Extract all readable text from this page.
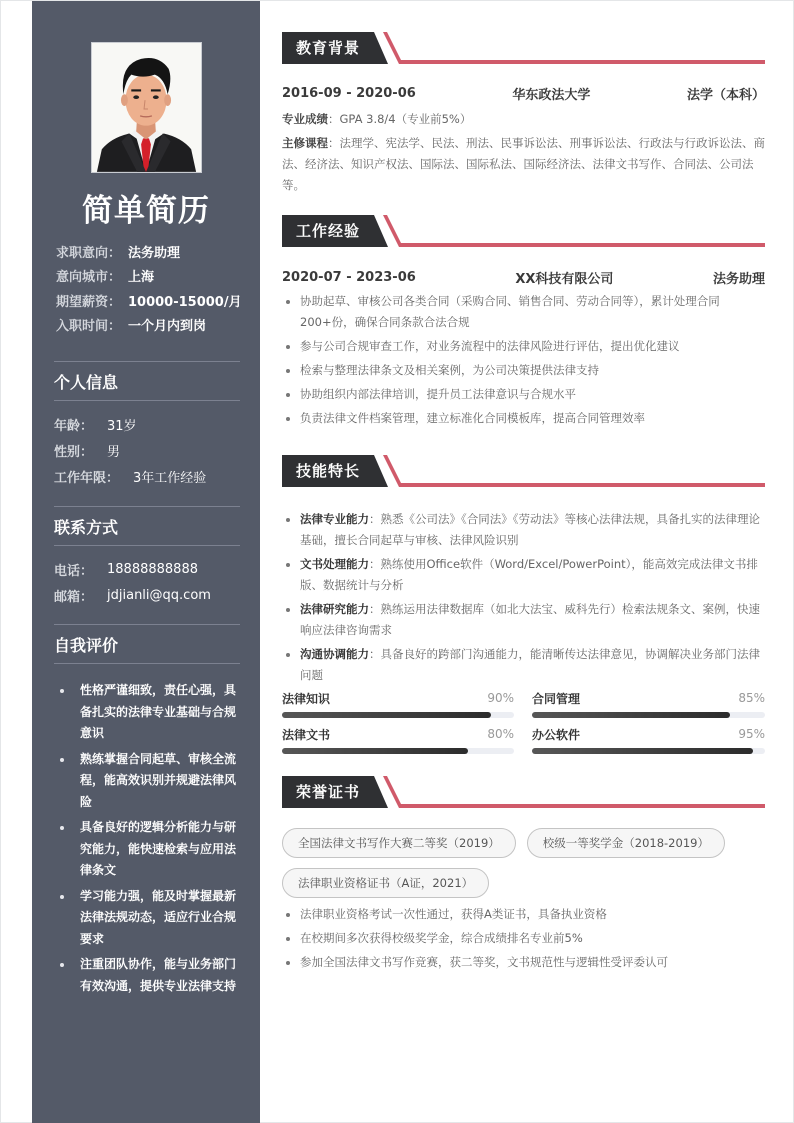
简单简历
求职意向： 法务助理
意向城市： 上海
期望薪资： 10000-15000/月
入职时间： 一个月内到岗
个人信息
年龄：	31岁
性别：	男
工作年限：	3年工作经验
联系方式
电话：	18888888888
邮箱：	jdjianli@qq.com
自我评价
性格严谨细致，责任心强，具备扎实的法律专业基础与合规意识
熟练掌握合同起草、审核全流程，能高效识别并规避法律风险
具备良好的逻辑分析能力与研究能力，能快速检索与应用法律条文
学习能力强，能及时掌握最新法律法规动态，适应行业合规要求
注重团队协作，能与业务部门有效沟通，提供专业法律支持
教育背景
2016-09 - 2020-06	华东政法大学	法学（本科）

专业成绩：GPA 3.8/4（专业前5%）

主修课程：法理学、宪法学、民法、刑法、民事诉讼法、刑事诉讼法、行政法与行政诉讼法、商法、经济法、知识产权法、国际法、国际私法、国际经济法、法律文书写作、合同法、公司法等。

工作经验
2020-07 - 2023-06	XX科技有限公司	法务助理
协助起草、审核公司各类合同（采购合同、销售合同、劳动合同等），累计处理合同200+份，确保合同条款合法合规
参与公司合规审查工作，对业务流程中的法律风险进行评估，提出优化建议
检索与整理法律条文及相关案例，为公司决策提供法律支持
协助组织内部法律培训，提升员工法律意识与合规水平
负责法律文件档案管理，建立标准化合同模板库，提高合同管理效率
技能特长
法律专业能力：熟悉《公司法》《合同法》《劳动法》等核心法律法规，具备扎实的法律理论基础，擅长合同起草与审核、法律风险识别
文书处理能力：熟练使用Office软件（Word/Excel/PowerPoint），能高效完成法律文书排版、数据统计与分析
法律研究能力：熟练运用法律数据库（如北大法宝、威科先行）检索法规条文、案例，快速响应法律咨询需求
沟通协调能力：具备良好的跨部门沟通能力，能清晰传达法律意见，协调解决业务部门法律问题
法律知识	90% 合同管理	85%
法律文书	80% 办公软件	95%
荣誉证书
全国法律文书写作大赛二等奖（2019）	校级一等奖学金（2018-2019）
法律职业资格证书（A证，2021）
法律职业资格考试一次性通过，获得A类证书，具备执业资格
在校期间多次获得校级奖学金，综合成绩排名专业前5%
参加全国法律文书写作竞赛，获二等奖，文书规范性与逻辑性受评委认可
